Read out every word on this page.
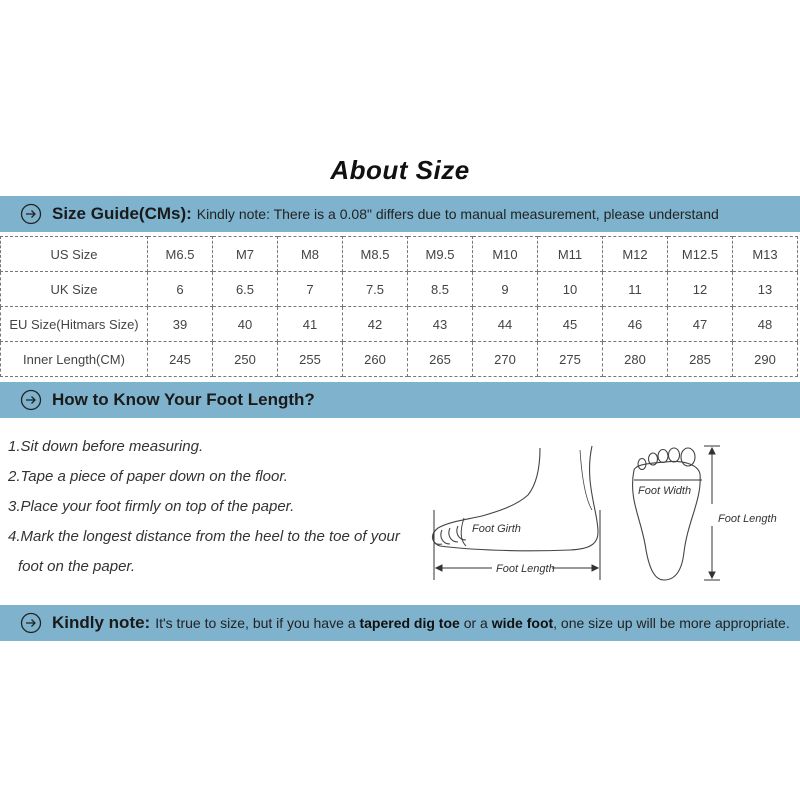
About Size
Size Guide(CMs): Kindly note: There is a 0.08" differs due to manual measurement, please understand
US Size	M6.5	M7	M8	M8.5	M9.5	M10	M11	M12	M12.5	M13
UK Size	6	6.5	7	7.5	8.5	9	10	11	12	13
EU Size(Hitmars Size)	39	40	41	42	43	44	45	46	47	48
Inner Length(CM)	245	250	255	260	265	270	275	280	285	290
How to Know Your Foot Length?
1.Sit down before measuring.
2.Tape a piece of paper down on the floor.
3.Place your foot firmly on top of the paper.
4.Mark the longest distance from the heel to the toe of your
foot on the paper.
Foot Girth
Foot Length
Foot Width
Foot Length
Kindly note: It's true to size, but if you have a tapered dig toe or a wide foot, one size up will be more appropriate.
